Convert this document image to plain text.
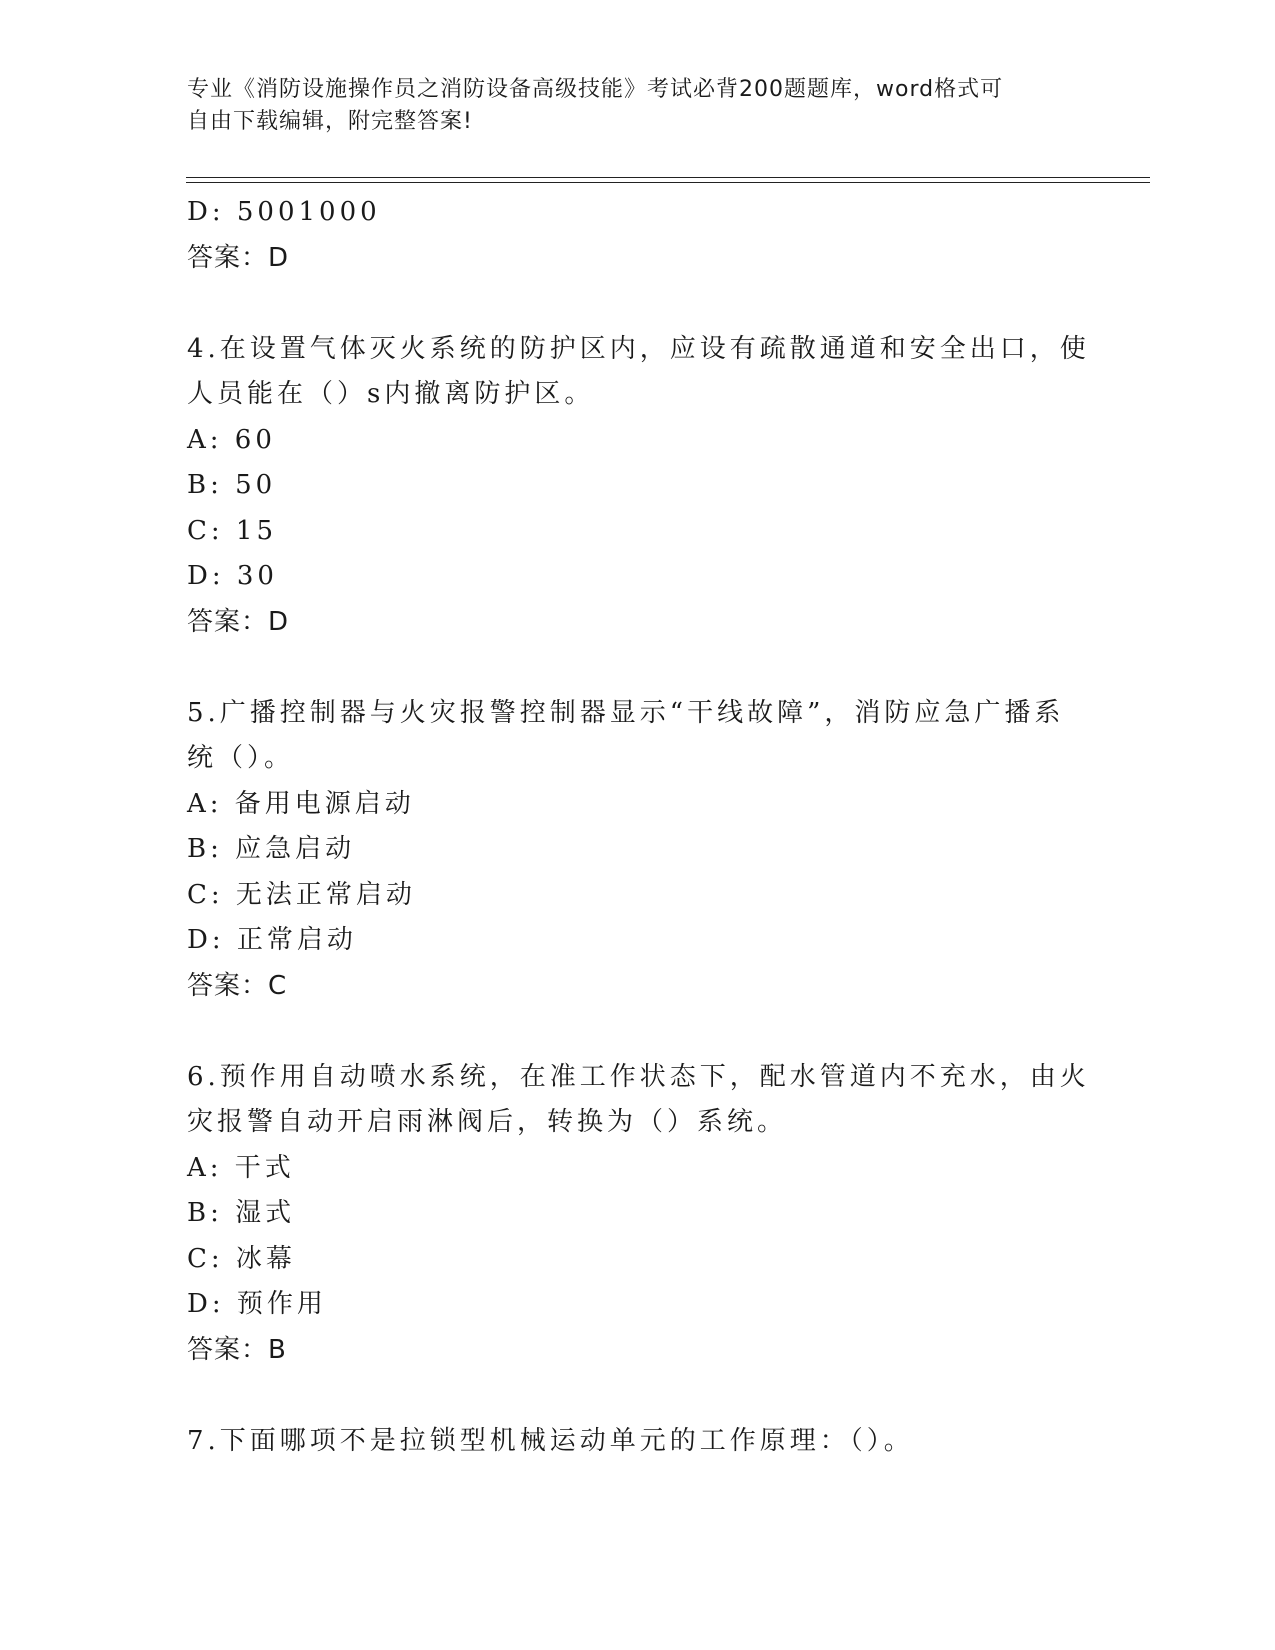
专业《消防设施操作员之消防设备高级技能》考试必背200题题库，word格式可
自由下载编辑，附完整答案!
D: 5001000
答案：D
4.在设置气体灭火系统的防护区内，应设有疏散通道和安全出口，使
人员能在（）s内撤离防护区。
A: 60
B: 50
C: 15
D: 30
答案：D
5.广播控制器与火灾报警控制器显示“干线故障”，消防应急广播系
统（）。
A: 备用电源启动
B: 应急启动
C: 无法正常启动
D: 正常启动
答案：C
6.预作用自动喷水系统，在准工作状态下，配水管道内不充水，由火
灾报警自动开启雨淋阀后，转换为（）系统。
A: 干式
B: 湿式
C: 冰幕
D: 预作用
答案：B
7.下面哪项不是拉锁型机械运动单元的工作原理：（）。
